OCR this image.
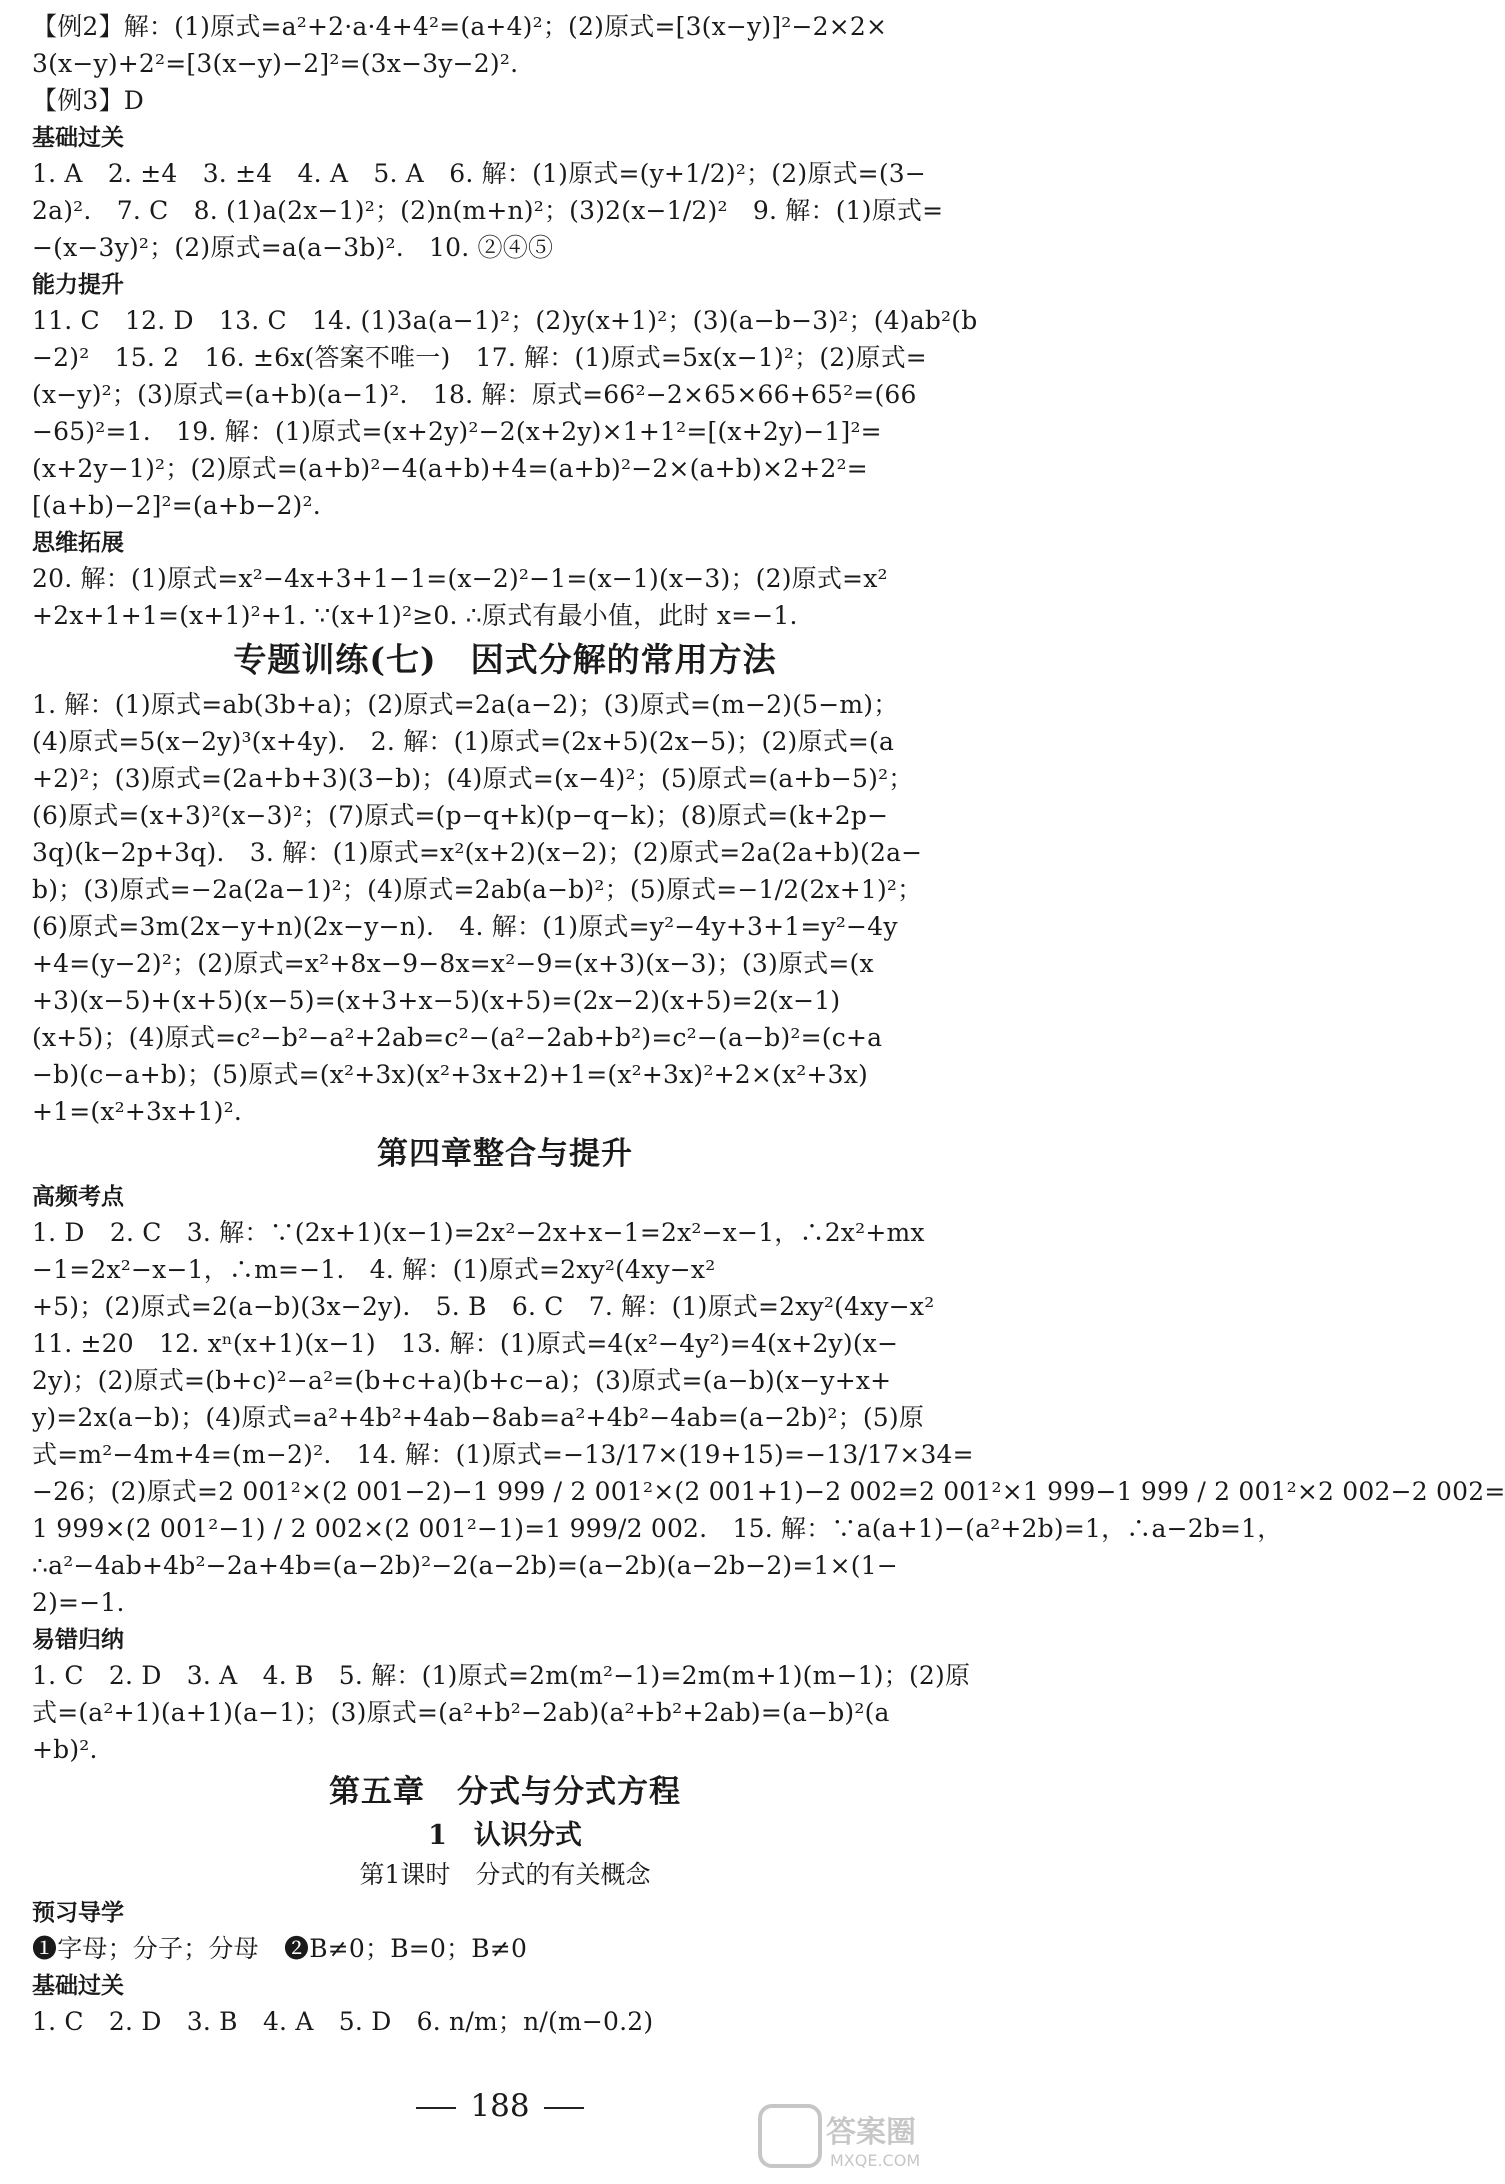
【例2】解：(1)原式=a²+2·a·4+4²=(a+4)²；(2)原式=[3(x−y)]²−2×2×
3(x−y)+2²=[3(x−y)−2]²=(3x−3y−2)².
【例3】D
基础过关
1. A　2. ±4　3. ±4　4. A　5. A　6. 解：(1)原式=(y+1/2)²；(2)原式=(3−
2a)².　7. C　8. (1)a(2x−1)²；(2)n(m+n)²；(3)2(x−1/2)²　9. 解：(1)原式=
−(x−3y)²；(2)原式=a(a−3b)².　10. ②④⑤
能力提升
11. C　12. D　13. C　14. (1)3a(a−1)²；(2)y(x+1)²；(3)(a−b−3)²；(4)ab²(b
−2)²　15. 2　16. ±6x(答案不唯一)　17. 解：(1)原式=5x(x−1)²；(2)原式=
(x−y)²；(3)原式=(a+b)(a−1)².　18. 解：原式=66²−2×65×66+65²=(66
−65)²=1.　19. 解：(1)原式=(x+2y)²−2(x+2y)×1+1²=[(x+2y)−1]²=
(x+2y−1)²；(2)原式=(a+b)²−4(a+b)+4=(a+b)²−2×(a+b)×2+2²=
[(a+b)−2]²=(a+b−2)².
思维拓展
20. 解：(1)原式=x²−4x+3+1−1=(x−2)²−1=(x−1)(x−3)；(2)原式=x²
+2x+1+1=(x+1)²+1. ∵(x+1)²≥0. ∴原式有最小值，此时 x=−1.
专题训练(七)　因式分解的常用方法
1. 解：(1)原式=ab(3b+a)；(2)原式=2a(a−2)；(3)原式=(m−2)(5−m)；
(4)原式=5(x−2y)³(x+4y).　2. 解：(1)原式=(2x+5)(2x−5)；(2)原式=(a
+2)²；(3)原式=(2a+b+3)(3−b)；(4)原式=(x−4)²；(5)原式=(a+b−5)²；
(6)原式=(x+3)²(x−3)²；(7)原式=(p−q+k)(p−q−k)；(8)原式=(k+2p−
3q)(k−2p+3q).　3. 解：(1)原式=x²(x+2)(x−2)；(2)原式=2a(2a+b)(2a−
b)；(3)原式=−2a(2a−1)²；(4)原式=2ab(a−b)²；(5)原式=−1/2(2x+1)²；
(6)原式=3m(2x−y+n)(2x−y−n).　4. 解：(1)原式=y²−4y+3+1=y²−4y
+4=(y−2)²；(2)原式=x²+8x−9−8x=x²−9=(x+3)(x−3)；(3)原式=(x
+3)(x−5)+(x+5)(x−5)=(x+3+x−5)(x+5)=(2x−2)(x+5)=2(x−1)
(x+5)；(4)原式=c²−b²−a²+2ab=c²−(a²−2ab+b²)=c²−(a−b)²=(c+a
−b)(c−a+b)；(5)原式=(x²+3x)(x²+3x+2)+1=(x²+3x)²+2×(x²+3x)
+1=(x²+3x+1)².
第四章整合与提升
高频考点
1. D　2. C　3. 解：∵(2x+1)(x−1)=2x²−2x+x−1=2x²−x−1，∴2x²+mx
−1=2x²−x−1，∴m=−1.　4. 解：(1)原式=2xy²(4xy−x²
+5)；(2)原式=2(a−b)(3x−2y).　5. B　6. C　7. 解：(1)原式=2xy²(4xy−x²
11. ±20　12. xⁿ(x+1)(x−1)　13. 解：(1)原式=4(x²−4y²)=4(x+2y)(x−
2y)；(2)原式=(b+c)²−a²=(b+c+a)(b+c−a)；(3)原式=(a−b)(x−y+x+
y)=2x(a−b)；(4)原式=a²+4b²+4ab−8ab=a²+4b²−4ab=(a−2b)²；(5)原
式=m²−4m+4=(m−2)².　14. 解：(1)原式=−13/17×(19+15)=−13/17×34=
−26；(2)原式=2 001²×(2 001−2)−1 999 / 2 001²×(2 001+1)−2 002=2 001²×1 999−1 999 / 2 001²×2 002−2 002=
1 999×(2 001²−1) / 2 002×(2 001²−1)=1 999/2 002.　15. 解：∵a(a+1)−(a²+2b)=1，∴a−2b=1，
∴a²−4ab+4b²−2a+4b=(a−2b)²−2(a−2b)=(a−2b)(a−2b−2)=1×(1−
2)=−1.
易错归纳
1. C　2. D　3. A　4. B　5. 解：(1)原式=2m(m²−1)=2m(m+1)(m−1)；(2)原
式=(a²+1)(a+1)(a−1)；(3)原式=(a²+b²−2ab)(a²+b²+2ab)=(a−b)²(a
+b)².
第五章　分式与分式方程
1　认识分式
第1课时　分式的有关概念
预习导学
❶字母；分子；分母　❷B≠0；B=0；B≠0
基础过关
1. C　2. D　3. B　4. A　5. D　6. n/m；n/(m−0.2)
188
答案圈
MXQE.COM
